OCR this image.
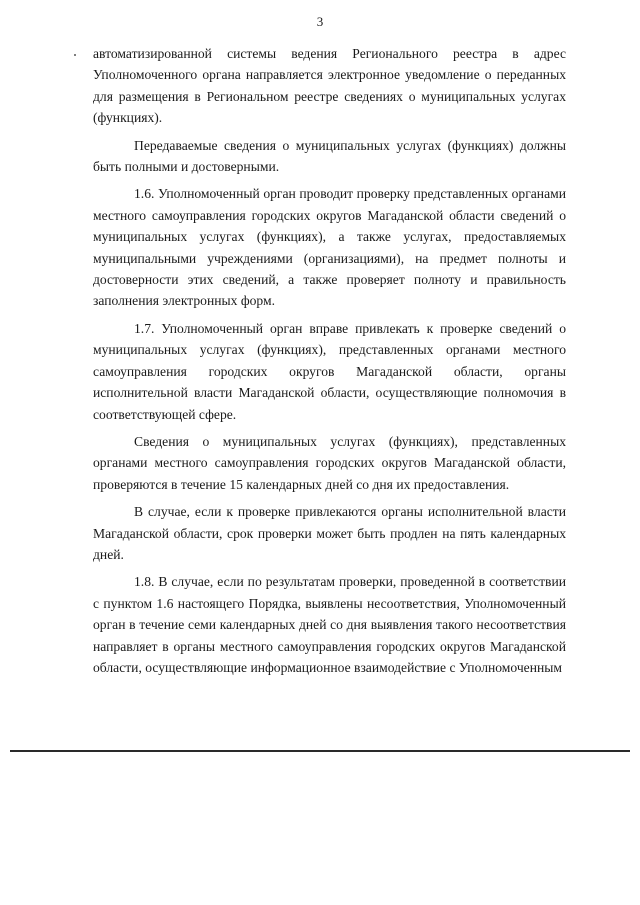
3

автоматизированной системы ведения Регионального реестра в адрес Уполномоченного органа направляется электронное уведомление о переданных для размещения в Региональном реестре сведениях о муниципальных услугах (функциях).

Передаваемые сведения о муниципальных услугах (функциях) должны быть полными и достоверными.

1.6. Уполномоченный орган проводит проверку представленных органами местного самоуправления городских округов Магаданской области сведений о муниципальных услугах (функциях), а также услугах, предоставляемых муниципальными учреждениями (организациями), на предмет полноты и достоверности этих сведений, а также проверяет полноту и правильность заполнения электронных форм.

1.7. Уполномоченный орган вправе привлекать к проверке сведений о муниципальных услугах (функциях), представленных органами местного самоуправления городских округов Магаданской области, органы исполнительной власти Магаданской области, осуществляющие полномочия в соответствующей сфере.

Сведения о муниципальных услугах (функциях), представленных органами местного самоуправления городских округов Магаданской области, проверяются в течение 15 календарных дней со дня их предоставления.

В случае, если к проверке привлекаются органы исполнительной власти Магаданской области, срок проверки может быть продлен на пять календарных дней.

1.8. В случае, если по результатам проверки, проведенной в соответствии с пунктом 1.6 настоящего Порядка, выявлены несоответствия, Уполномоченный орган в течение семи календарных дней со дня выявления такого несоответствия направляет в органы местного самоуправления городских округов Магаданской области, осуществляющие информационное взаимодействие с Уполномоченным
